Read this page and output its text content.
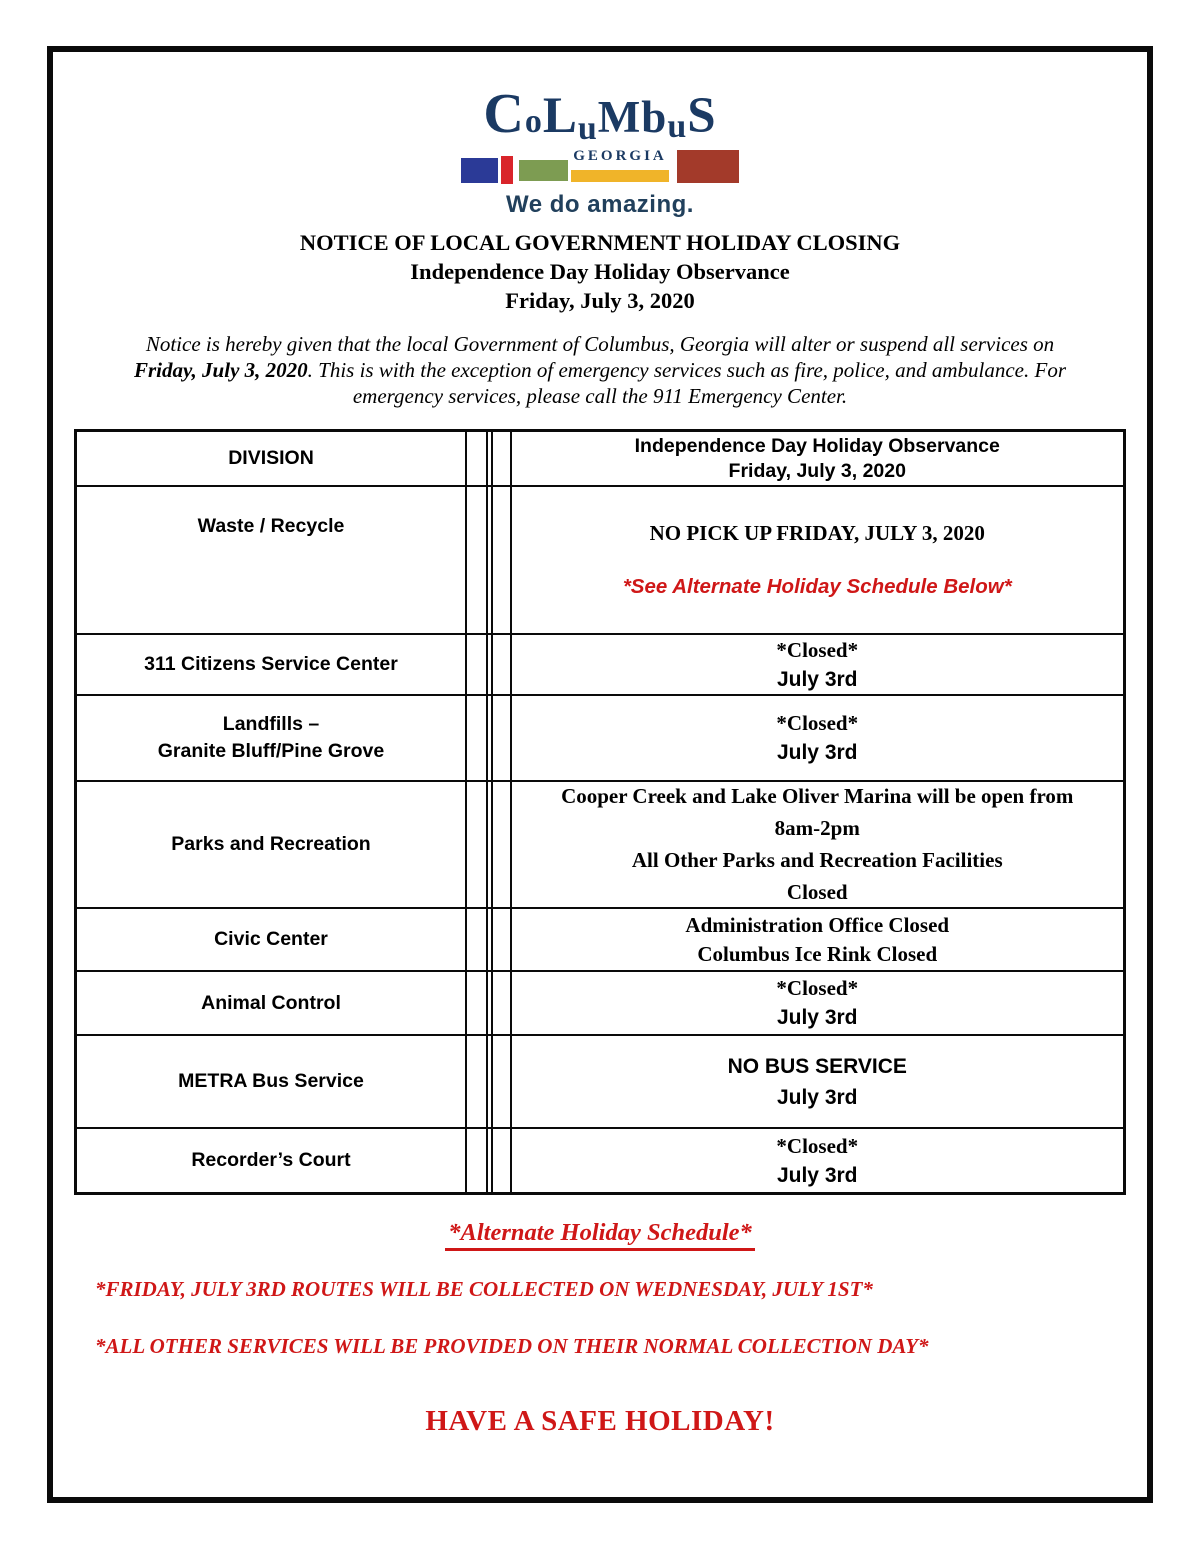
CoLuMbuS
GEORGIA
We do amazing.
NOTICE OF LOCAL GOVERNMENT HOLIDAY CLOSING
Independence Day Holiday Observance
Friday, July 3, 2020

Notice is hereby given that the local Government of Columbus, Georgia will alter or suspend all services on
Friday, July 3, 2020. This is with the exception of emergency services such as fire, police, and ambulance. For
emergency services, please call the 911 Emergency Center.

DIVISION
Independence Day Holiday Observance
Friday, July 3, 2020
Waste / Recycle	NO PICK UP FRIDAY, JULY 3, 2020
*See Alternate Holiday Schedule Below*
311 Citizens Service Center
*Closed*
July 3rd
Landfills –
Granite Bluff/Pine Grove
*Closed*
July 3rd
Parks and Recreation
Cooper Creek and Lake Oliver Marina will be open from
8am-2pm
All Other Parks and Recreation Facilities
Closed
Civic Center
Administration Office Closed
Columbus Ice Rink Closed
Animal Control
*Closed*
July 3rd
METRA Bus Service
NO BUS SERVICE
July 3rd
Recorder’s Court
*Closed*
July 3rd
*Alternate Holiday Schedule*
*FRIDAY, JULY 3RD ROUTES WILL BE COLLECTED ON WEDNESDAY, JULY 1ST*
*ALL OTHER SERVICES WILL BE PROVIDED ON THEIR NORMAL COLLECTION DAY*
HAVE A SAFE HOLIDAY!
